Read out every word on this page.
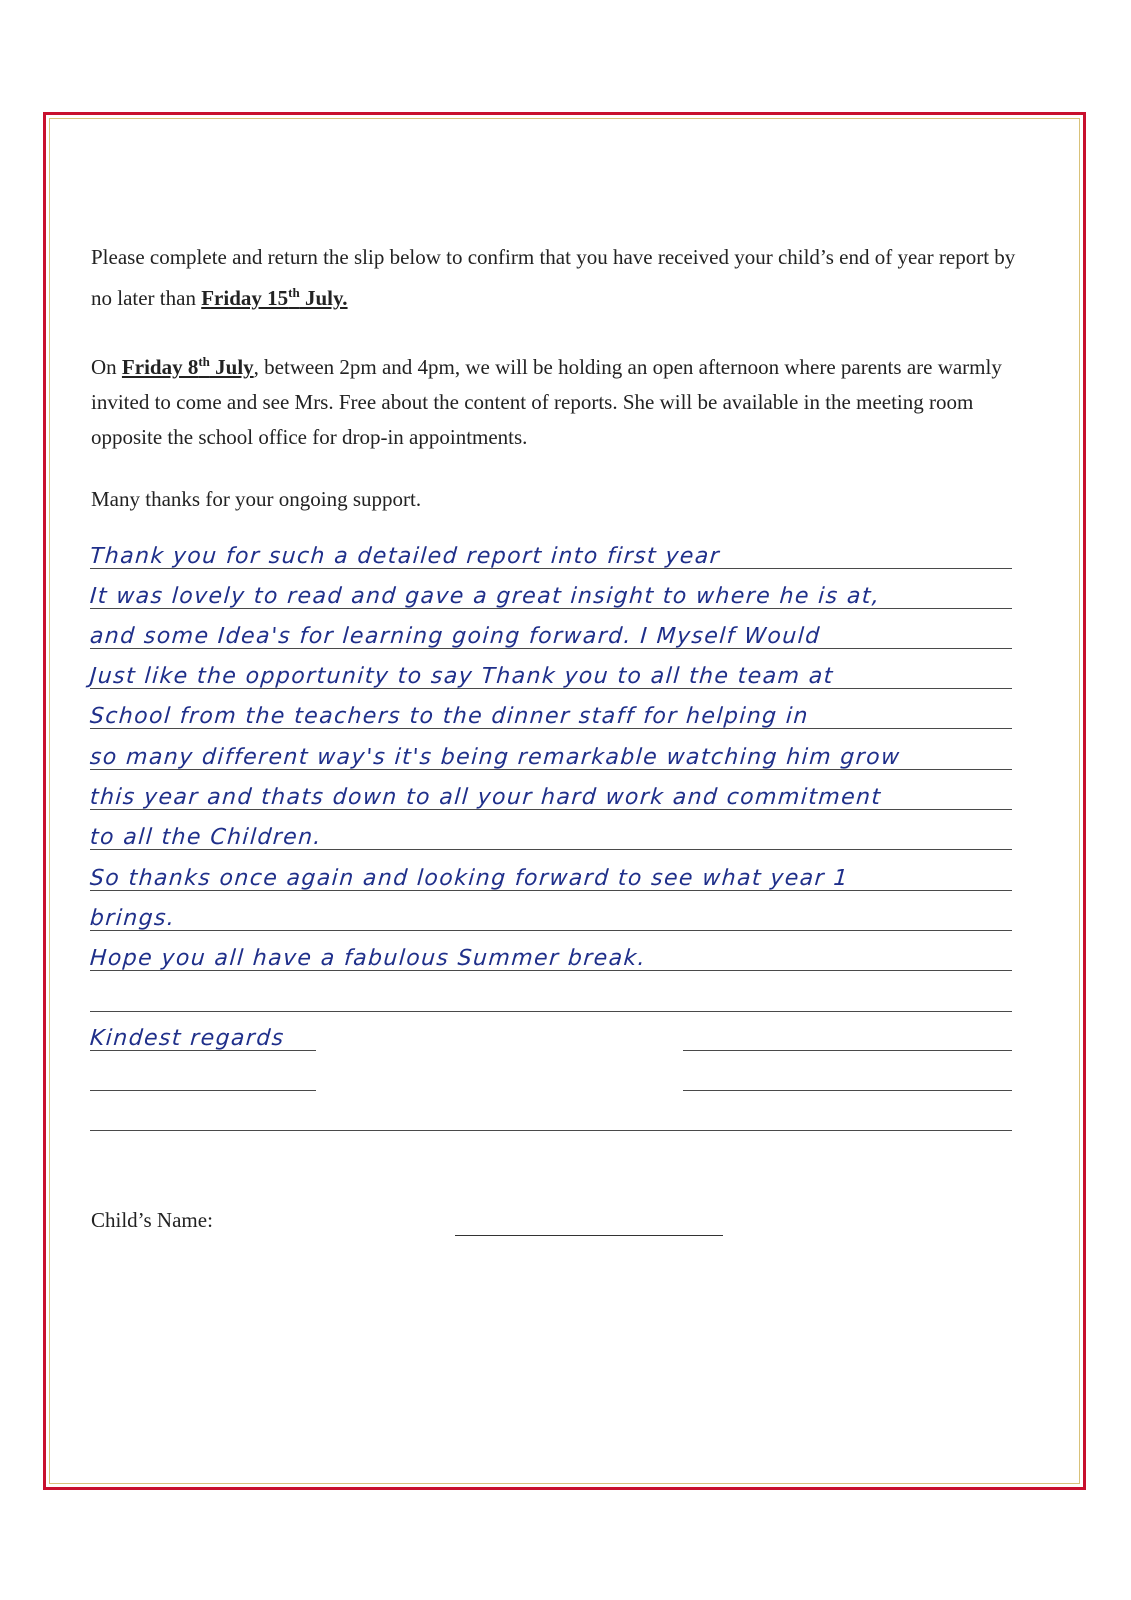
Please complete and return the slip below to confirm that you have received your child’s end of year report by no later than Friday 15th July.

On Friday 8th July, between 2pm and 4pm, we will be holding an open afternoon where parents are warmly invited to come and see Mrs. Free about the content of reports. She will be available in the meeting room opposite the school office for drop-in appointments.

Many thanks for your ongoing support.

Thank you for such a detailed report into first year
It was lovely to read and gave a great insight to where he is at,
and some Idea's for learning going forward. I Myself Would
Just like the opportunity to say Thank you to all the team at
School from the teachers to the dinner staff for helping in
so many different way's it's being remarkable watching him grow
this year and thats down to all your hard work and commitment
to all the Children.
So thanks once again and looking forward to see what year 1
brings.
Hope you all have a fabulous Summer break.
Kindest regards

Child’s Name:
